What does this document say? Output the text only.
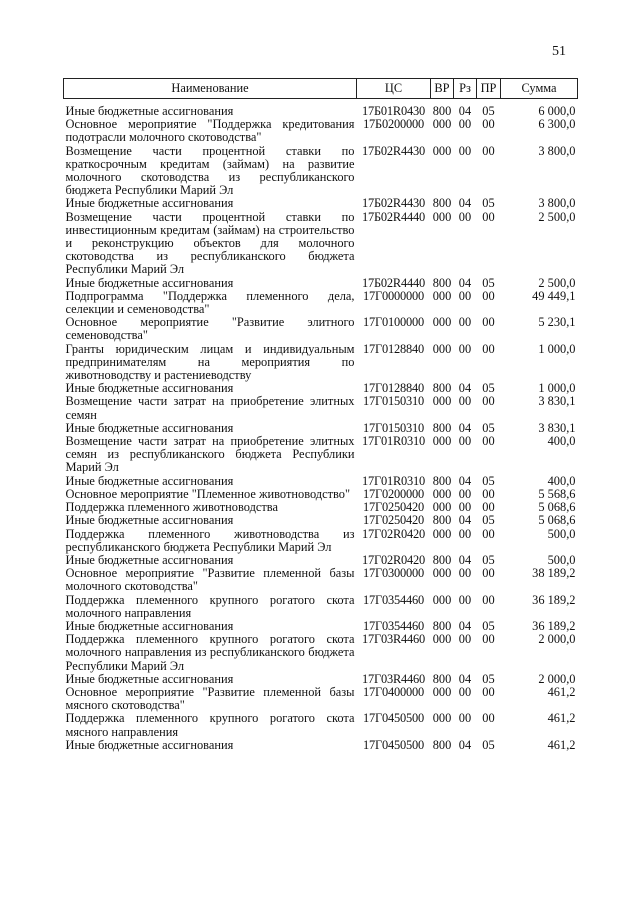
51
Наименование	ЦС	ВР	Рз	ПР	Сумма

Иные бюджетные ассигнования	17Б01R0430	800	04	05	6 000,0
Основное мероприятие "Поддержка кредитования подотрасли молочного скотоводства"	17Б0200000	000	00	00	6 300,0
Возмещение части процентной ставки по краткосрочным кредитам (займам) на развитие молочного скотоводства из республиканского бюджета Республики Марий Эл	17Б02R4430	000	00	00	3 800,0
Иные бюджетные ассигнования	17Б02R4430	800	04	05	3 800,0
Возмещение части процентной ставки по инвестиционным кредитам (займам) на строительство и реконструкцию объектов для молочного скотоводства из республиканского бюджета Республики Марий Эл	17Б02R4440	000	00	00	2 500,0
Иные бюджетные ассигнования	17Б02R4440	800	04	05	2 500,0
Подпрограмма "Поддержка племенного дела, селекции и семеноводства"	17Г0000000	000	00	00	49 449,1
Основное мероприятие "Развитие элитного семеноводства"	17Г0100000	000	00	00	5 230,1
Гранты юридическим лицам и индивидуальным предпринимателям на мероприятия по животноводству и растениеводству	17Г0128840	000	00	00	1 000,0
Иные бюджетные ассигнования	17Г0128840	800	04	05	1 000,0
Возмещение части затрат на приобретение элитных семян	17Г0150310	000	00	00	3 830,1
Иные бюджетные ассигнования	17Г0150310	800	04	05	3 830,1
Возмещение части затрат на приобретение элитных семян из республиканского бюджета Республики Марий Эл	17Г01R0310	000	00	00	400,0
Иные бюджетные ассигнования	17Г01R0310	800	04	05	400,0
Основное мероприятие "Племенное животноводство"	17Г0200000	000	00	00	5 568,6
Поддержка племенного животноводства	17Г0250420	000	00	00	5 068,6
Иные бюджетные ассигнования	17Г0250420	800	04	05	5 068,6
Поддержка племенного животноводства из республиканского бюджета Республики Марий Эл	17Г02R0420	000	00	00	500,0
Иные бюджетные ассигнования	17Г02R0420	800	04	05	500,0
Основное мероприятие "Развитие племенной базы молочного скотоводства"	17Г0300000	000	00	00	38 189,2
Поддержка племенного крупного рогатого скота молочного направления	17Г0354460	000	00	00	36 189,2
Иные бюджетные ассигнования	17Г0354460	800	04	05	36 189,2
Поддержка племенного крупного рогатого скота молочного направления из республиканского бюджета Республики Марий Эл	17Г03R4460	000	00	00	2 000,0
Иные бюджетные ассигнования	17Г03R4460	800	04	05	2 000,0
Основное мероприятие "Развитие племенной базы мясного скотоводства"	17Г0400000	000	00	00	461,2
Поддержка племенного крупного рогатого скота мясного направления	17Г0450500	000	00	00	461,2
Иные бюджетные ассигнования	17Г0450500	800	04	05	461,2
